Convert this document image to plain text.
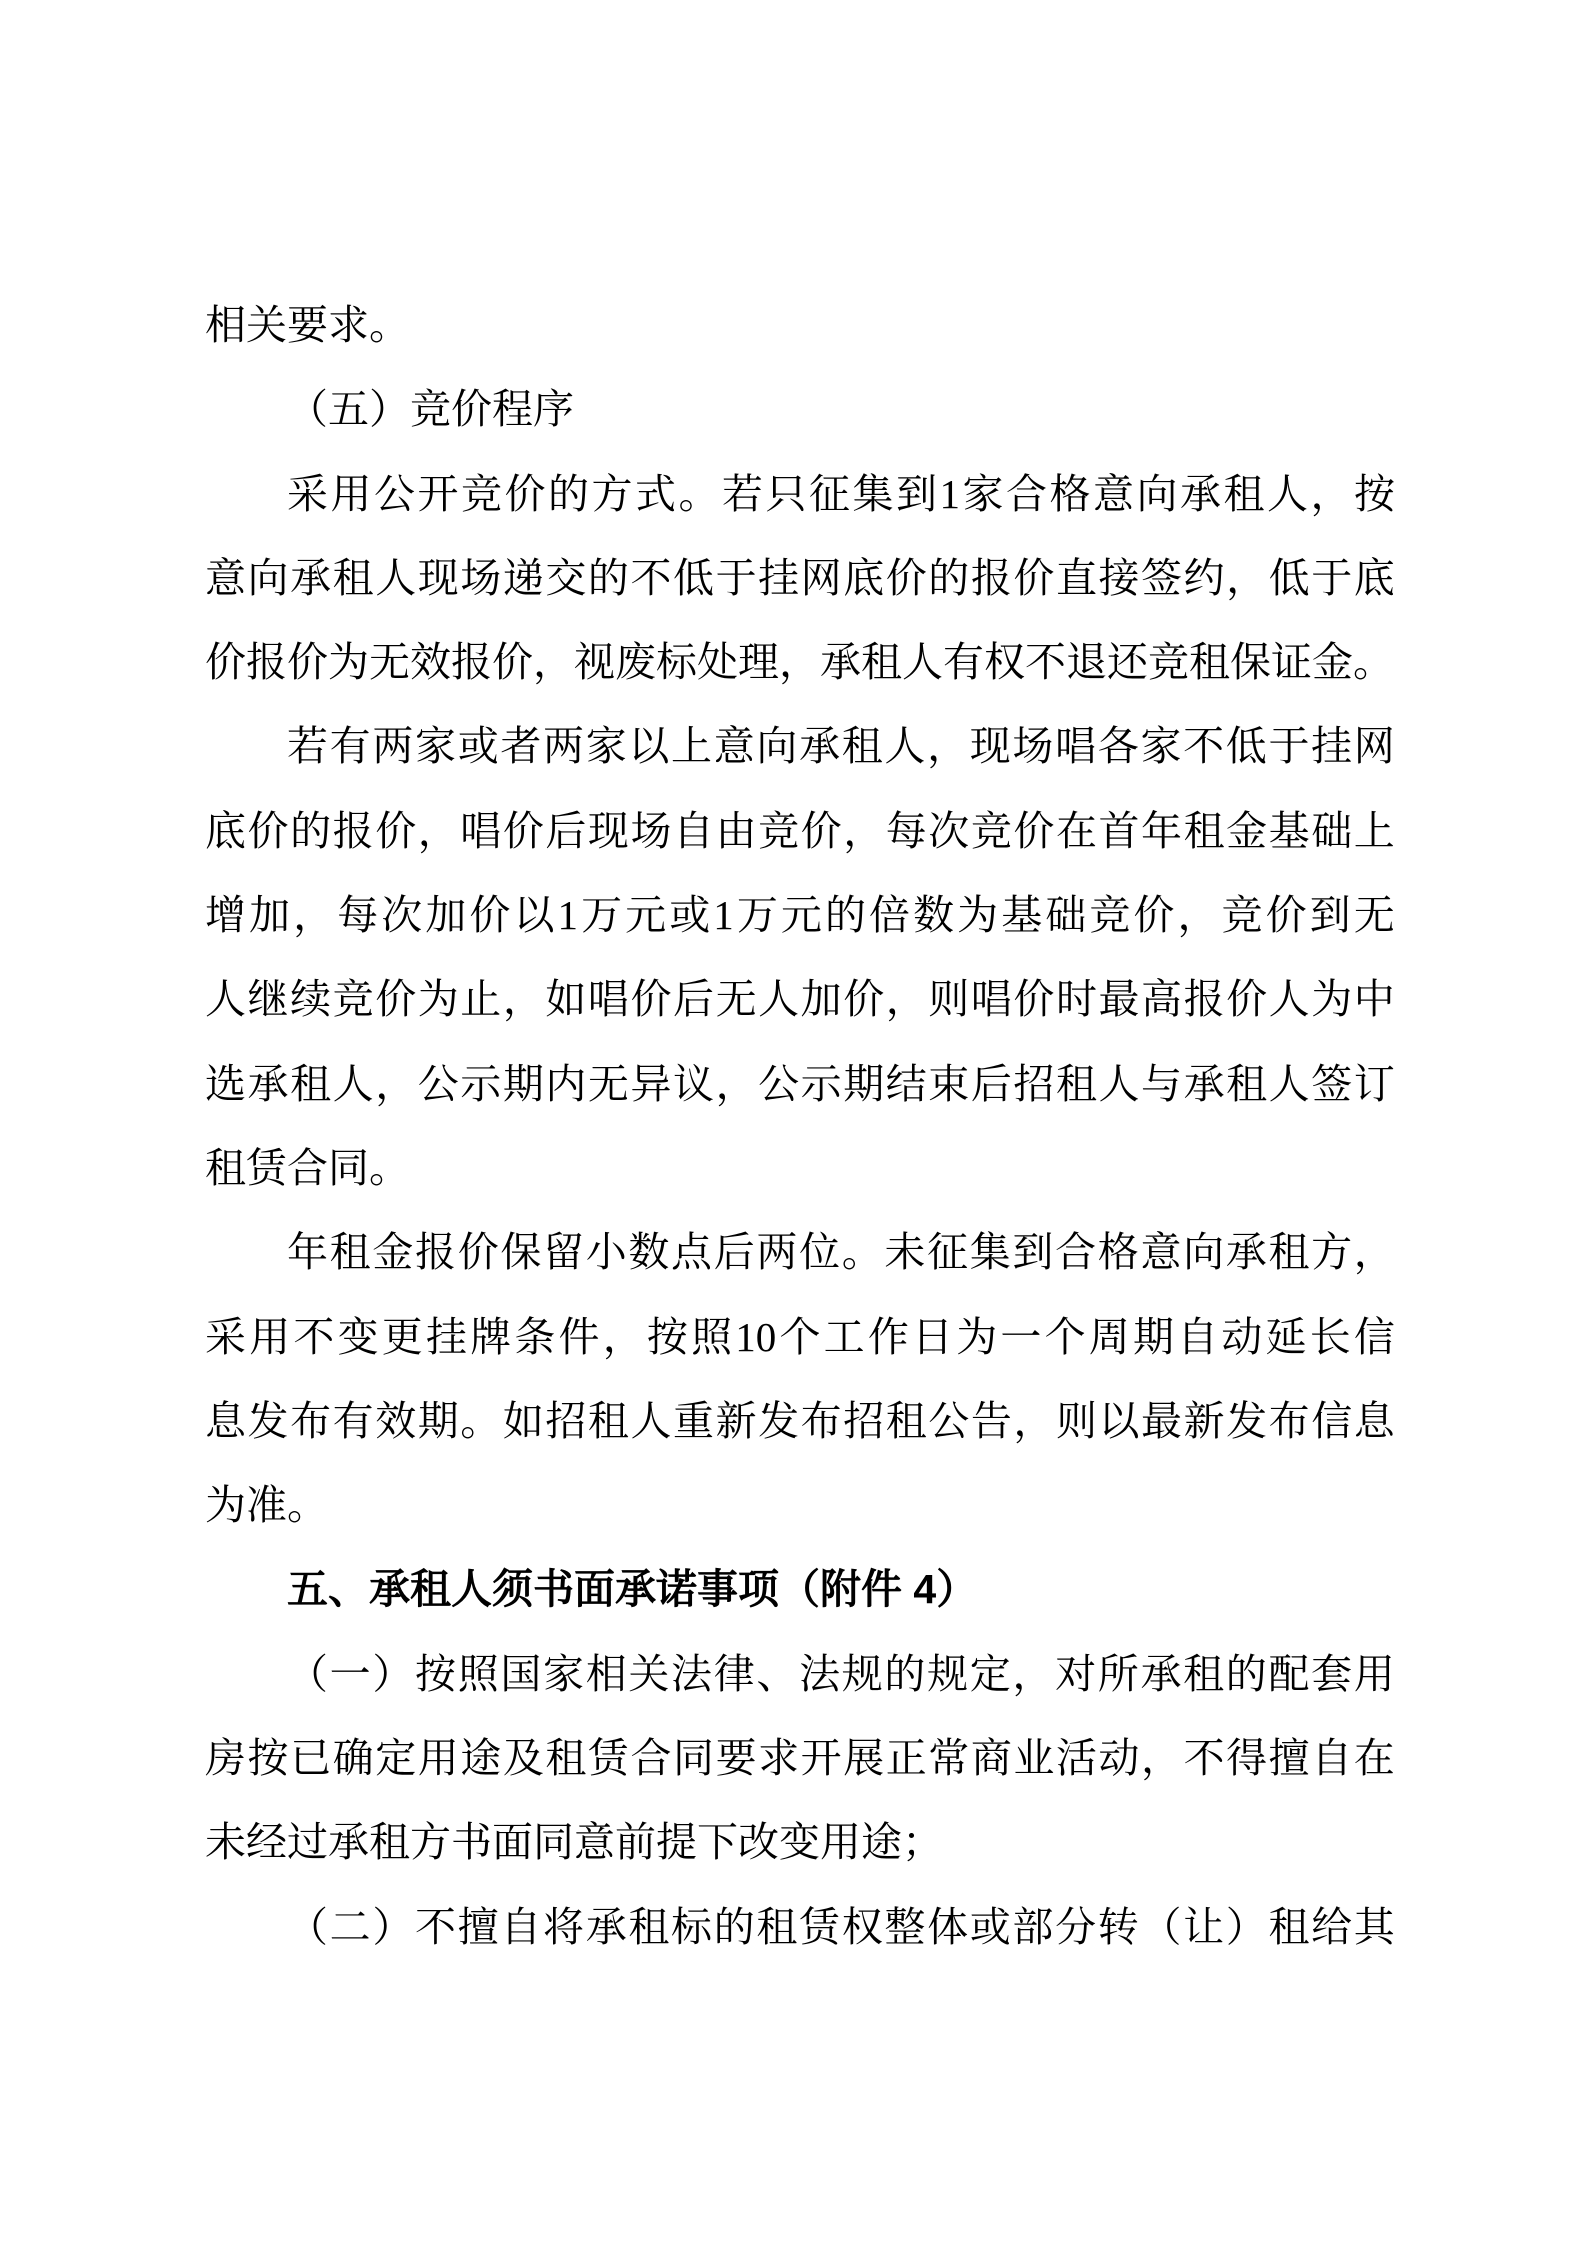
相关要求。
（五）竞价程序
采 用 公 开 竞 价 的 方 式 。 若 只 征 集 到 1 家 合 格 意 向 承 租 人 ， 按
意 向 承 租 人 现 场 递 交 的 不 低 于 挂 网 底 价 的 报 价 直 接 签 约 ， 低 于 底
价报价为无效报价，视废标处理，承租人有权不退还竞租保证金。
若 有 两 家 或 者 两 家 以 上 意 向 承 租 人 ， 现 场 唱 各 家 不 低 于 挂 网
底 价 的 报 价 ， 唱 价 后 现 场 自 由 竞 价 ， 每 次 竞 价 在 首 年 租 金 基 础 上
增 加 ， 每 次 加 价 以 1 万 元 或 1 万 元 的 倍 数 为 基 础 竞 价 ， 竞 价 到 无
人 继 续 竞 价 为 止 ， 如 唱 价 后 无 人 加 价 ， 则 唱 价 时 最 高 报 价 人 为 中
选 承 租 人 ， 公 示 期 内 无 异 议 ， 公 示 期 结 束 后 招 租 人 与 承 租 人 签 订
租赁合同。
年 租 金 报 价 保 留 小 数 点 后 两 位 。 未 征 集 到 合 格 意 向 承 租 方 ，
采 用 不 变 更 挂 牌 条 件 ， 按 照 10 个 工 作 日 为 一 个 周 期 自 动 延 长 信
息 发 布 有 效 期 。 如 招 租 人 重 新 发 布 招 租 公 告 ， 则 以 最 新 发 布 信 息
为准。
五、承租人须书面承诺事项（附件 4）
（ 一 ） 按 照 国 家 相 关 法 律 、 法 规 的 规 定 ， 对 所 承 租 的 配 套 用
房 按 已 确 定 用 途 及 租 赁 合 同 要 求 开 展 正 常 商 业 活 动 ， 不 得 擅 自 在
未经过承租方书面同意前提下改变用途；
（ 二 ） 不 擅 自 将 承 租 标 的 租 赁 权 整 体 或 部 分 转 （ 让 ） 租 给 其
